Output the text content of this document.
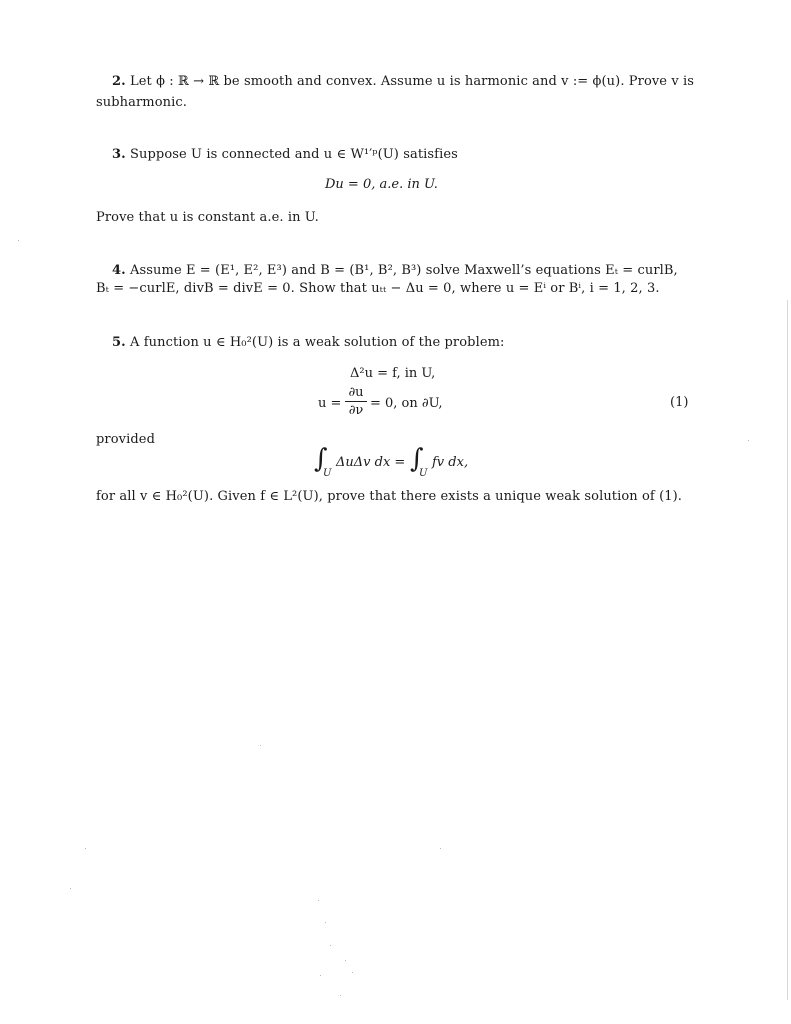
2. Let ϕ : ℝ → ℝ be smooth and convex. Assume u is harmonic and v := ϕ(u). Prove v is
subharmonic.
3. Suppose U is connected and u ∈ W¹′ᵖ(U) satisfies
Du = 0, a.e. in U.
Prove that u is constant a.e. in U.
4. Assume E = (E¹, E², E³) and B = (B¹, B², B³) solve Maxwell’s equations Eₜ = curlB,
Bₜ = −curlE, divB = divE = 0. Show that uₜₜ − Δu = 0, where u = Eⁱ or Bⁱ, i = 1, 2, 3.
5. A function u ∈ H₀²(U) is a weak solution of the problem:
Δ²u = f, in U,
u =
∂u
∂ν = 0, on ∂U,	(1)
provided
∫
U
ΔuΔv dx = ∫
U
fv dx,
for all v ∈ H₀²(U). Given f ∈ L²(U), prove that there exists a unique weak solution of (1).
